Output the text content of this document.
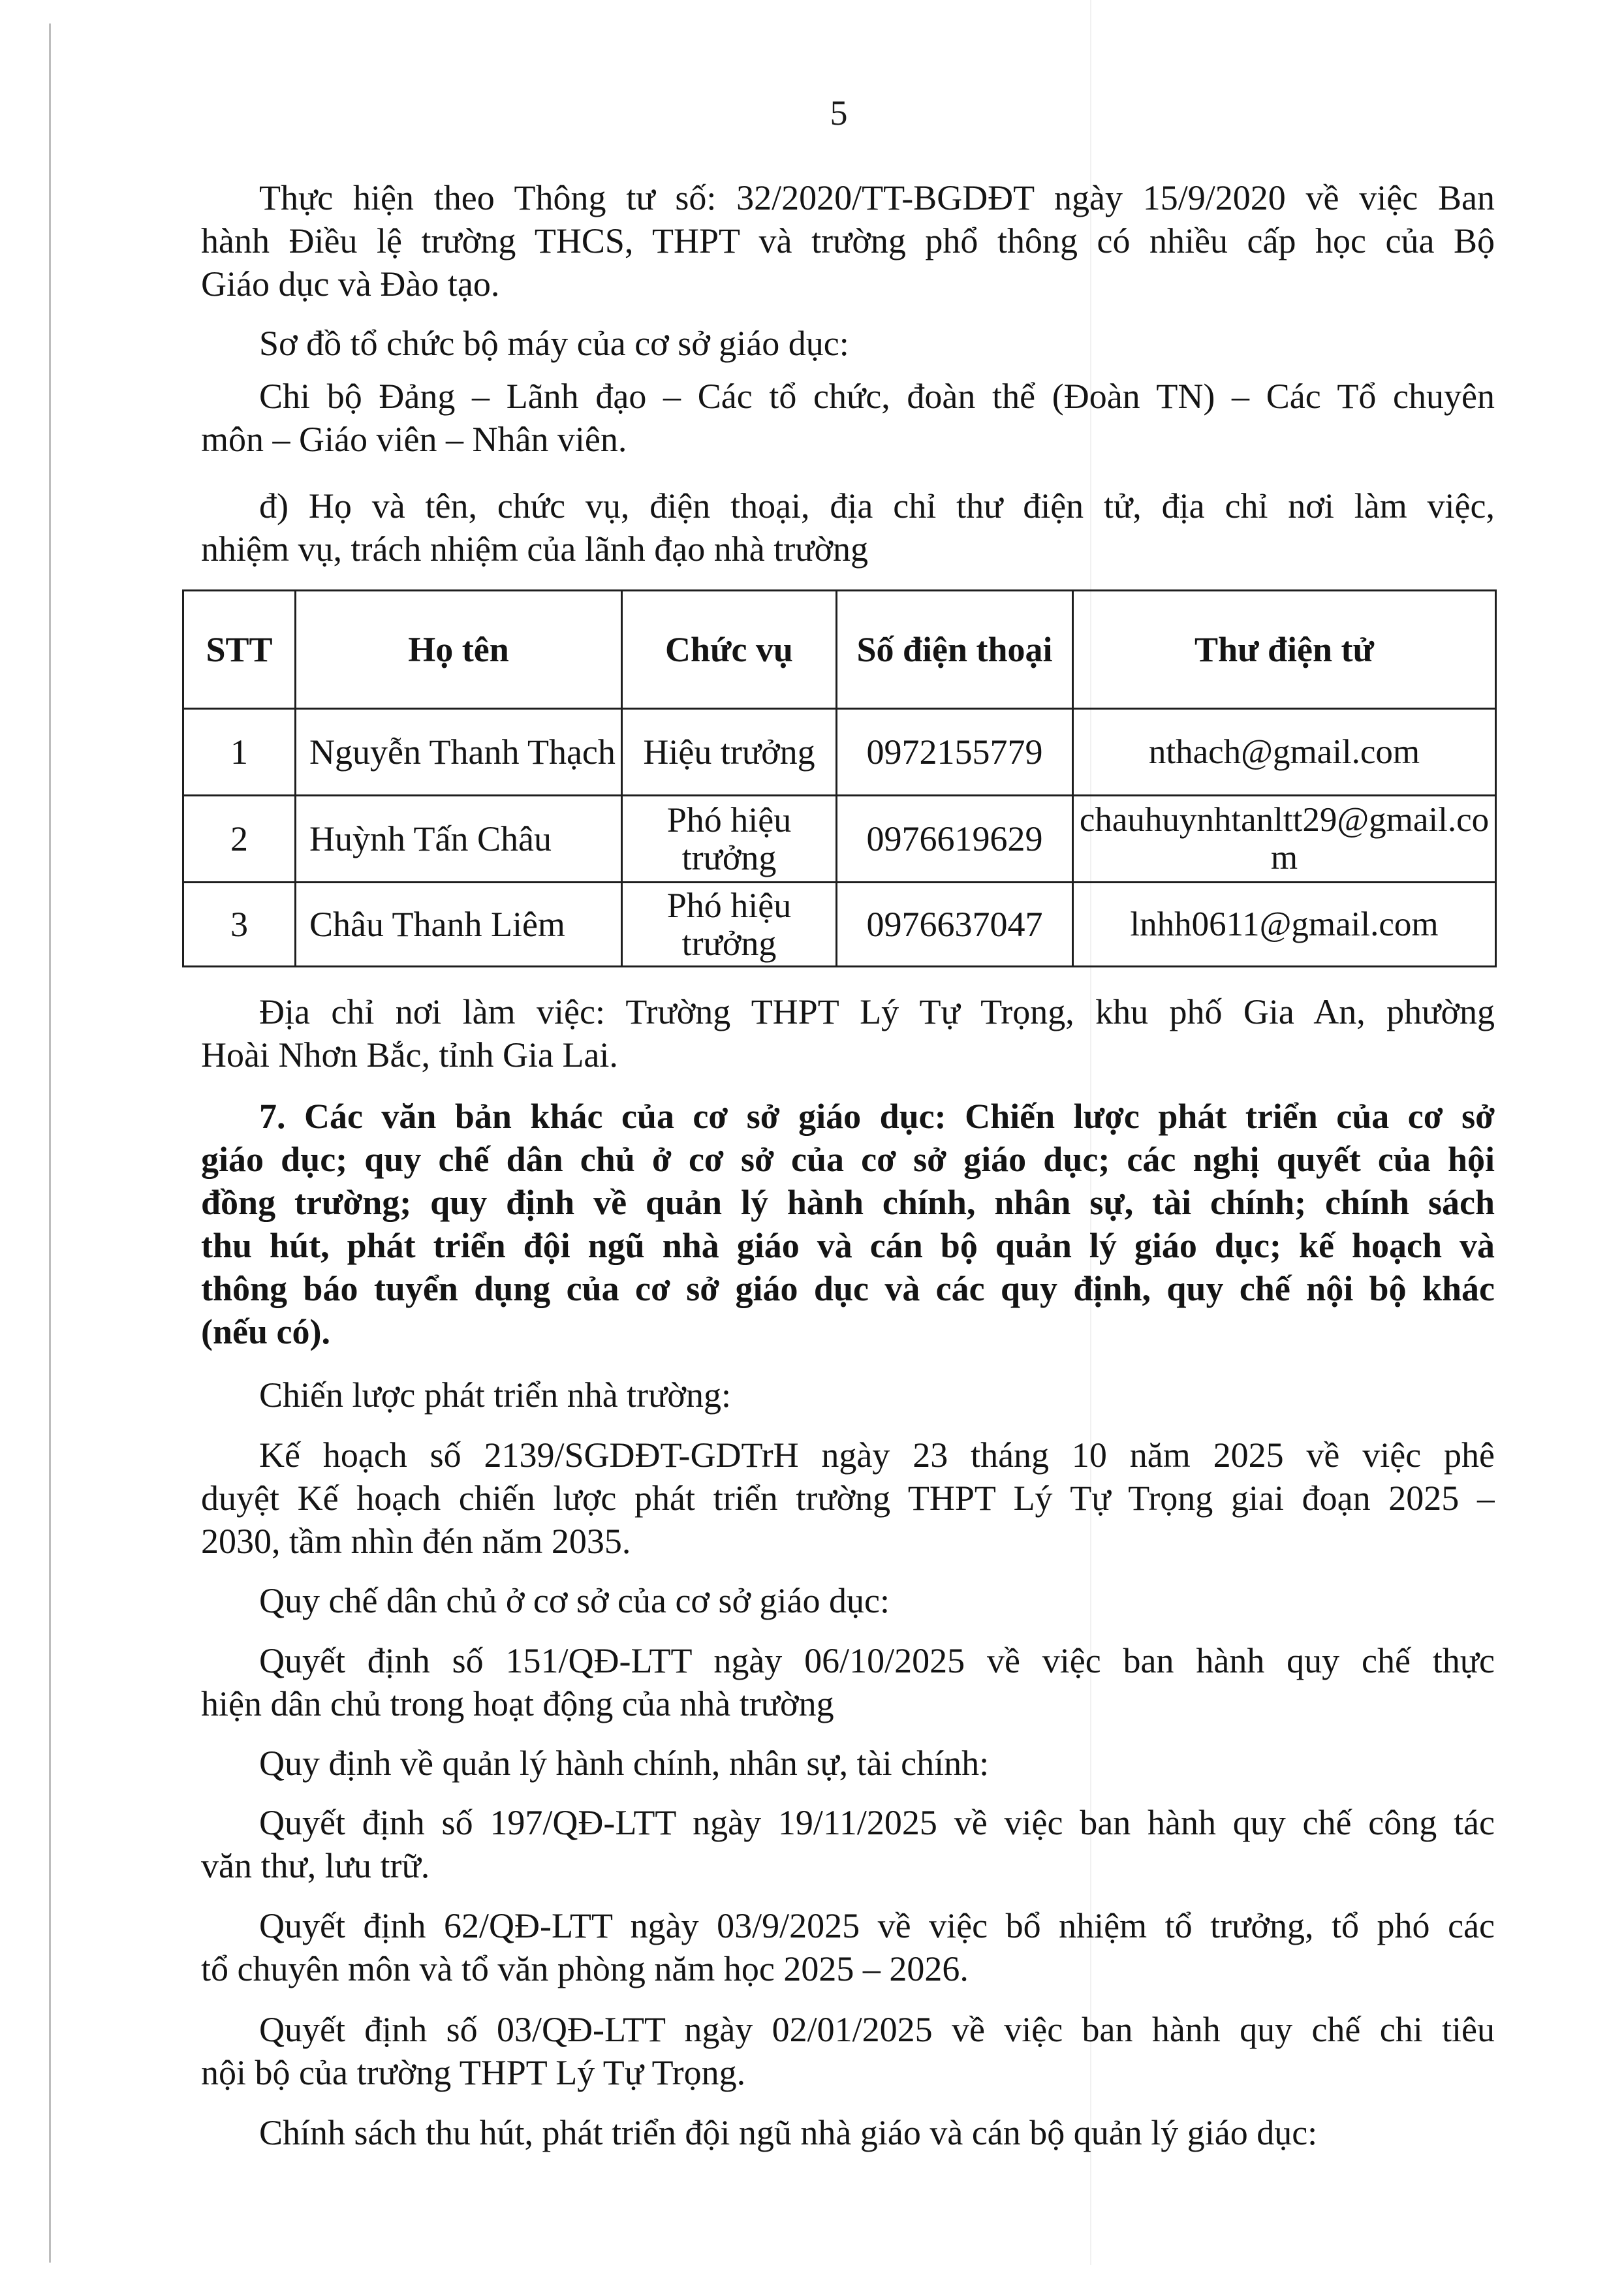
5
Thực hiện theo Thông tư số: 32/2020/TT-BGDĐT ngày 15/9/2020 về việc Ban
hành Điều lệ trường THCS, THPT và trường phổ thông có nhiều cấp học của Bộ
Giáo dục và Đào tạo.
Sơ đồ tổ chức bộ máy của cơ sở giáo dục:
Chi bộ Đảng – Lãnh đạo – Các tổ chức, đoàn thể (Đoàn TN) – Các Tổ chuyên
môn – Giáo viên – Nhân viên.
đ) Họ và tên, chức vụ, điện thoại, địa chỉ thư điện tử, địa chỉ nơi làm việc,
nhiệm vụ, trách nhiệm của lãnh đạo nhà trường
STT	Họ tên	Chức vụ	Số điện thoại	Thư điện tử
1	Nguyễn Thanh Thạch	Hiệu trưởng	0972155779	nthach@gmail.com
2	Huỳnh Tấn Châu	Phó hiệu trưởng	0976619629	chauhuynhtanltt29@gmail.com
3	Châu Thanh Liêm	Phó hiệu trưởng	0976637047	lnhh0611@gmail.com
Địa chỉ nơi làm việc: Trường THPT Lý Tự Trọng, khu phố Gia An, phường
Hoài Nhơn Bắc, tỉnh Gia Lai.
7. Các văn bản khác của cơ sở giáo dục: Chiến lược phát triển của cơ sở
giáo dục; quy chế dân chủ ở cơ sở của cơ sở giáo dục; các nghị quyết của hội
đồng trường; quy định về quản lý hành chính, nhân sự, tài chính; chính sách
thu hút, phát triển đội ngũ nhà giáo và cán bộ quản lý giáo dục; kế hoạch và
thông báo tuyển dụng của cơ sở giáo dục và các quy định, quy chế nội bộ khác
(nếu có).
Chiến lược phát triển nhà trường:
Kế hoạch số 2139/SGDĐT-GDTrH ngày 23 tháng 10 năm 2025 về việc phê
duyệt Kế hoạch chiến lược phát triển trường THPT Lý Tự Trọng giai đoạn 2025 –
2030, tầm nhìn đén năm 2035.
Quy chế dân chủ ở cơ sở của cơ sở giáo dục:
Quyết định số 151/QĐ-LTT ngày 06/10/2025 về việc ban hành quy chế thực
hiện dân chủ trong hoạt động của nhà trường
Quy định về quản lý hành chính, nhân sự, tài chính:
Quyết định số 197/QĐ-LTT ngày 19/11/2025 về việc ban hành quy chế công tác
văn thư, lưu trữ.
Quyết định 62/QĐ-LTT ngày 03/9/2025 về việc bổ nhiệm tổ trưởng, tổ phó các
tổ chuyên môn và tổ văn phòng năm học 2025 – 2026.
Quyết định số 03/QĐ-LTT ngày 02/01/2025 về việc ban hành quy chế chi tiêu
nội bộ của trường THPT Lý Tự Trọng.
Chính sách thu hút, phát triển đội ngũ nhà giáo và cán bộ quản lý giáo dục:
